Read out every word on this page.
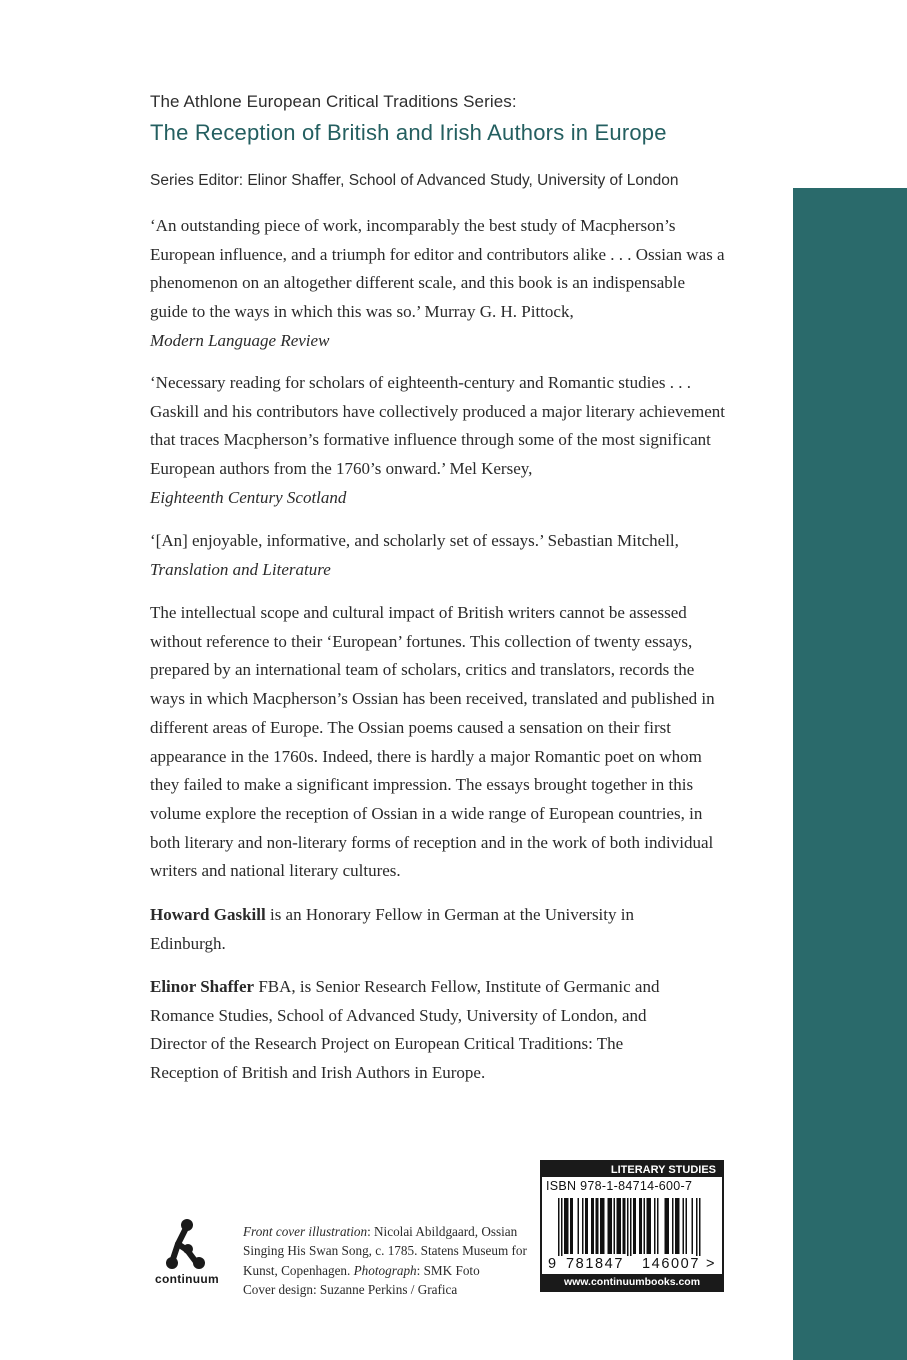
The Athlone European Critical Traditions Series:
The Reception of British and Irish Authors in Europe
Series Editor: Elinor Shaffer, School of Advanced Study, University of London

‘An outstanding piece of work, incomparably the best study of Macpherson’s European influence, and a triumph for editor and contributors alike . . . Ossian was a phenomenon on an altogether different scale, and this book is an indispensable guide to the ways in which this was so.’ Murray G. H. Pittock,
Modern Language Review

‘Necessary reading for scholars of eighteenth-century and Romantic studies . . . Gaskill and his contributors have collectively produced a major literary achievement that traces Macpherson’s formative influence through some of the most significant European authors from the 1760’s onward.’ Mel Kersey,
Eighteenth Century Scotland

‘[An] enjoyable, informative, and scholarly set of essays.’ Sebastian Mitchell,
Translation and Literature

The intellectual scope and cultural impact of British writers cannot be assessed without reference to their ‘European’ fortunes. This collection of twenty essays, prepared by an international team of scholars, critics and translators, records the ways in which Macpherson’s Ossian has been received, translated and published in different areas of Europe. The Ossian poems caused a sensation on their first appearance in the 1760s. Indeed, there is hardly a major Romantic poet on whom they failed to make a significant impression. The essays brought together in this volume explore the reception of Ossian in a wide range of European countries, in both literary and non-literary forms of reception and in the work of both individual writers and national literary cultures.

Howard Gaskill is an Honorary Fellow in German at the University in Edinburgh.

Elinor Shaffer FBA, is Senior Research Fellow, Institute of Germanic and Romance Studies, School of Advanced Study, University of London, and Director of the Research Project on European Critical Traditions: The Reception of British and Irish Authors in Europe.

continuum
Front cover illustration: Nicolai Abildgaard, Ossian Singing His Swan Song, c. 1785. Statens Museum for Kunst, Copenhagen. Photograph: SMK Foto
Cover design: Suzanne Perkins / Grafica
LITERARY STUDIES
ISBN 978-1-84714-600-7
9 781847 146007 >
www.continuumbooks.com
